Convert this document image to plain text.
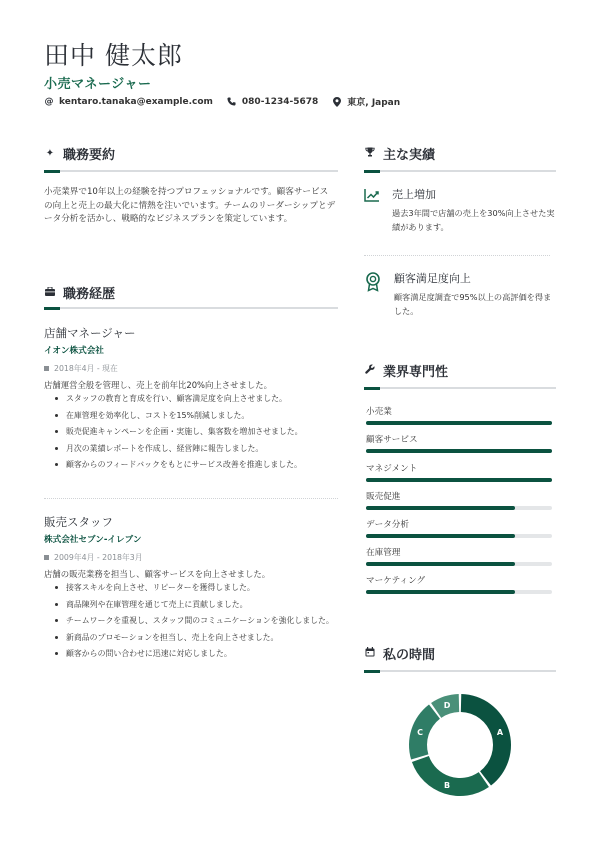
田中 健太郎
小売マネージャー
@ kentaro.tanaka@example.com	080-1234-5678	東京, Japan
✦ 職務要約
小売業界で10年以上の経験を持つプロフェッショナルです。顧客サービスの向上と売上の最大化に情熱を注いでいます。チームのリーダーシップとデータ分析を活かし、戦略的なビジネスプランを策定しています。
職務経歴
店舗マネージャー
イオン株式会社
2018年4月 - 現在
店舗運営全般を管理し、売上を前年比20%向上させました。
スタッフの教育と育成を行い、顧客満足度を向上させました。
在庫管理を効率化し、コストを15%削減しました。
販売促進キャンペーンを企画・実施し、集客数を増加させました。
月次の業績レポートを作成し、経営陣に報告しました。
顧客からのフィードバックをもとにサービス改善を推進しました。
販売スタッフ
株式会社セブン-イレブン
2009年4月 - 2018年3月
店舗の販売業務を担当し、顧客サービスを向上させました。
接客スキルを向上させ、リピーターを獲得しました。
商品陳列や在庫管理を通じて売上に貢献しました。
チームワークを重視し、スタッフ間のコミュニケーションを強化しました。
新商品のプロモーションを担当し、売上を向上させました。
顧客からの問い合わせに迅速に対応しました。
主な実績
売上増加
過去3年間で店舗の売上を30%向上させた実績があります。
顧客満足度向上
顧客満足度調査で95%以上の高評価を得ました。
業界専門性
小売業
顧客サービス
マネジメント
販売促進
データ分析
在庫管理
マーケティング
私の時間
A
B
C
D
